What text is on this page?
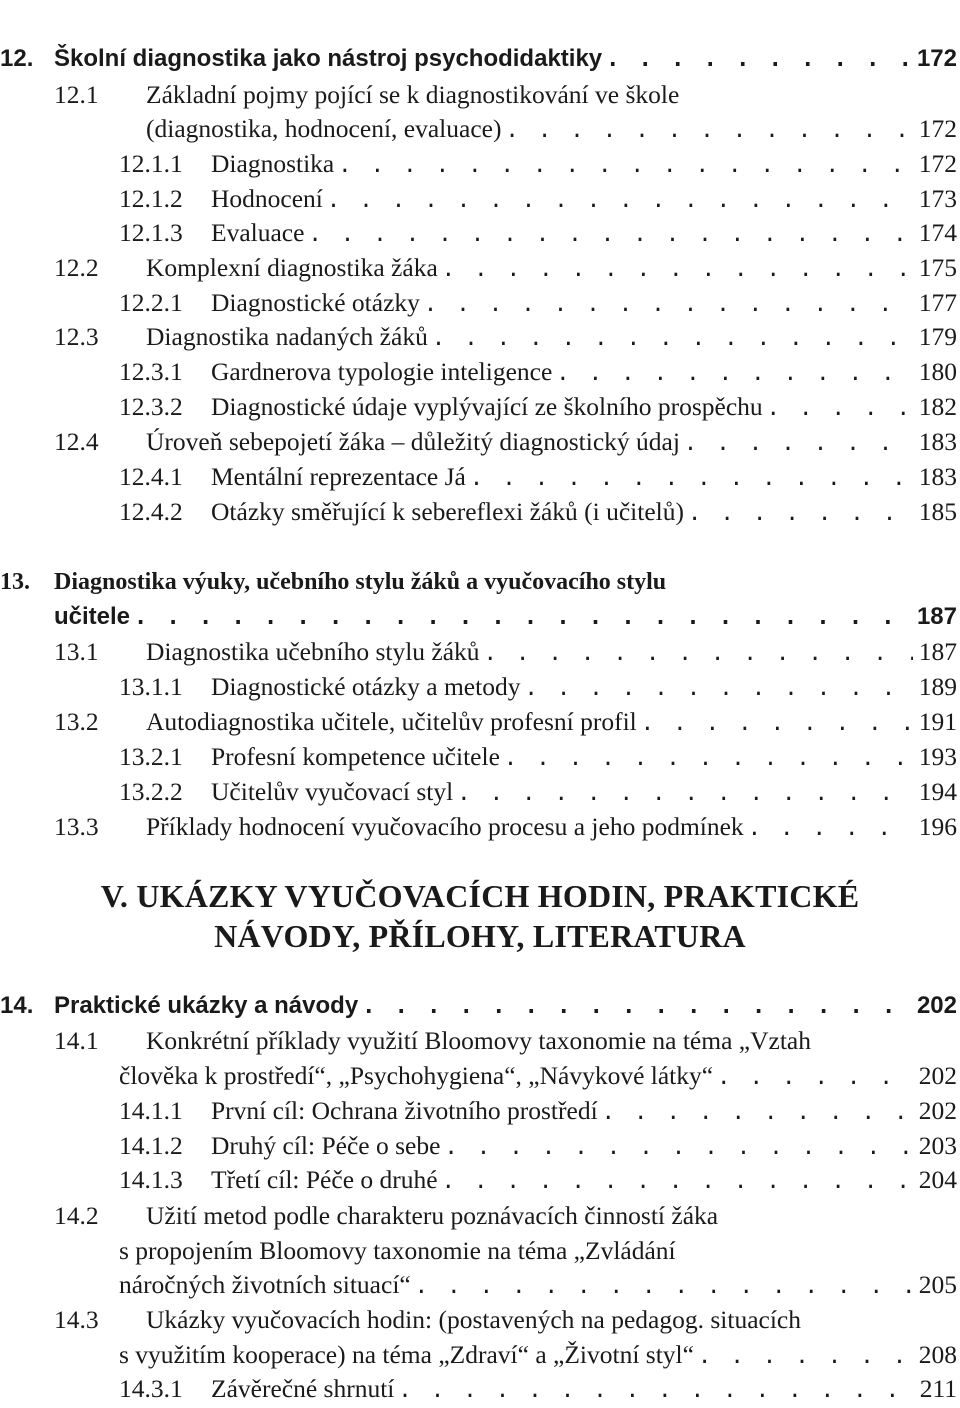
12. Školní diagnostika jako nástroj psychodidaktiky . . .	172
12.1 Základní pojmy pojící se k diagnostikování ve škole
(diagnostika, hodnocení, evaluace) . . .	172
12.1.1 Diagnostika . . .	172
12.1.2 Hodnocení . . .	173
12.1.3 Evaluace . . .	174
12.2 Komplexní diagnostika žáka . . .	175
12.2.1 Diagnostické otázky . . .	177
12.3 Diagnostika nadaných žáků . . .	179
12.3.1 Gardnerova typologie inteligence . . .	180
12.3.2 Diagnostické údaje vyplývající ze školního prospěchu . . .	182
12.4 Úroveň sebepojetí žáka – důležitý diagnostický údaj . . .	183
12.4.1 Mentální reprezentace Já . . .	183
12.4.2 Otázky směřující k sebereflexi žáků (i učitelů) . . .	185
13. Diagnostika výuky, učebního stylu žáků a vyučovacího stylu
učitele . . .	187
13.1 Diagnostika učebního stylu žáků . . .	187
13.1.1 Diagnostické otázky a metody . . .	189
13.2 Autodiagnostika učitele, učitelův profesní profil . . .	191
13.2.1 Profesní kompetence učitele . . .	193
13.2.2 Učitelův vyučovací styl . . .	194
13.3 Příklady hodnocení vyučovacího procesu a jeho podmínek . . .	196
V. UKÁZKY VYUČOVACÍCH HODIN, PRAKTICKÉ
NÁVODY, PŘÍLOHY, LITERATURA
14. Praktické ukázky a návody . . .	202
14.1 Konkrétní příklady využití Bloomovy taxonomie na téma „Vztah
člověka k prostředí“, „Psychohygiena“, „Návykové látky“ . . .	202
14.1.1 První cíl: Ochrana životního prostředí . . .	202
14.1.2 Druhý cíl: Péče o sebe . . .	203
14.1.3 Třetí cíl: Péče o druhé . . .	204
14.2 Užití metod podle charakteru poznávacích činností žáka
s propojením Bloomovy taxonomie na téma „Zvládání
náročných životních situací“ . . .	205
14.3 Ukázky vyučovacích hodin: (postavených na pedagog. situacích
s využitím kooperace) na téma „Zdraví“ a „Životní styl“ . . .	208
14.3.1 Závěrečné shrnutí . . .	211
